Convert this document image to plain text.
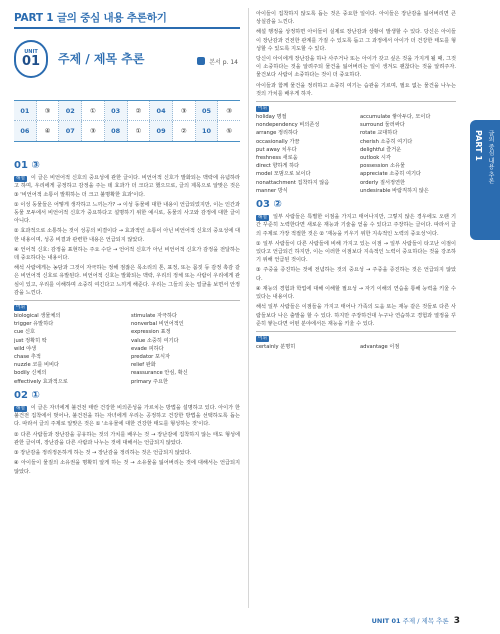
PART 1 글의 중심 내용 추론하기
UNIT
01	주제 / 제목 추론	본서 p. 14
01	③	02	①	03	②	04	③	05	③
06	④	07	③	08	①	09	②	10	⑤
01 ③
해설 이 글은 비언어적 신호의 중요성에 관한 글이다. 비언어적 신호가 발화되는 맥락에 유념하라고 하며, 우리에게 공정하고 감정을 주는 데 효과가 더 크다고 했으므로, 글의 제목으로 알맞은 것은 ③ '비언어적 소통이 발휘하는 더 크고 불명확한 효과'이다.
① 이성 동물들은 어떻게 생각하고 느끼는가? → 이성 동물에 대한 내용이 언급되었지만, 이는 인간과 동물 모두에서 비언어적 신호가 중요하다고 설명하기 위한 예시로, 동물의 사고와 감정에 대한 글이 아니다.
② 효과적으로 소통하는 것이 성공의 비결이다 → 효과적인 소통이 아닌 비언어적 신호의 중요성에 대한 내용이며, 성공 비결과 관련한 내용은 언급되지 않았다.
④ 언어적 신호: 감정을 표현하는 주요 수단 → 언어적 신호가 아닌 비언어적 신호가 감정을 전달하는 데 중요하다는 내용이다.
해석 사람에게는 농담과 그것이 자극하는 정해 점잖은 목소리의 톤, 표정, 또는 몸짓 등 감정 촉감 같은 비언어적 신호로 유발된다. 비언어적 신호는 발화되는 맥락, 우리의 정체 또는 사람이 우리에게 관심이 있고, 우리를 이해하며 소중히 여긴다고 느끼게 해준다. 우리는 그들의 웃는 얼굴을 보면서 안정감을 느낀다.
어휘
biological 생물체의	stimulate 자극하다
trigger 유발하다	nonverbal 비언어적인
cue 신호	expression 표정
just 정확히 딱	value 소중히 여기다
wild 야생	evade 피하다
chase 추적	predator 포식자
nuzzle 코를 비비다	relief 완화
bodily 신체의	reassurance 안심, 확신
effectively 효과적으로	primary 주요한
02 ①
해설 이 글은 자녀에게 불건전 태란 건강한 비의존성을 가르치는 방법을 설명하고 있다. 아이가 한 불건전 집착에서 벗어나, 불건전을 하는 자녀에게 우리는 공정하고 건강한 방법을 선택하도록 돕는다. 따라서 글의 주제로 알맞은 것은 ① '소유물에 대한 건강한 태도를 형성하는 것'이다.
② 다른 사람들과 장난감을 공유하는 것의 가치를 배우는 것 → 장난감에 집착하지 않는 태도 형성에 관한 글이며, 장난감을 다른 사람과 나누는 것에 대해서는 언급되지 않았다.
③ 장난감을 정리정돈하게 하는 것 → 장난감을 정리하는 것은 언급되지 않았다.
④ 아이들이 물질의 소유권을 명확히 알게 하는 것 → 소유물을 잃어버리는 것에 대해서는 언급되지 않았다.
아이들이 집착하지 않도록 돕는 것은 중요한 일이다. 아이들은 장난감을 잃어버리면 큰 상실감을 느낀다.
해설 행정을 상정하면 아이들이 실제로 장난감과 상황이 발생할 수 있다. 당신은 아이들이 장난감과 건전한 관계를 가질 수 있도록 돕고 그 과정에서 아이가 더 건강한 태도를 형성할 수 있도록 지도할 수 있다.
당신이 아이에게 장난감을 하나 사주거나 또는 아이가 갖고 싶은 것을 가지게 될 때, 그것이 소중하다는 것을 알려주되 물건을 잃어버리는 일이 생겨도 괜찮다는 것을 알려주자. 물건보다 사람이 소중하다는 것이 더 중요하다.
아이들과 함께 물건을 정리하고 소중히 여기는 습관을 기르며, 필요 없는 물건을 나누는 것의 가치를 배우게 하자.
어휘
holiday 명절	accumulate 쌓아두다, 모이다
nondependency 비의존성	surround 둘러싸다
arrange 정리하다	rotate 교대하다
occasionally 가끔	cherish 소중히 여기다
put away 치우다	delightful 즐거운
freshness 새로움	outlook 시각
direct 향하게 하다	possession 소유물
model 모범으로 보이다	appreciate 소중히 여기다
nonattachment 집착하지 않음	orderly 질서정연한
manner 방식	undesirable 바람직하지 않은
03 ②
해설 일부 사람들은 특별한 이점을 가지고 태어나지만, 그렇지 않은 경우에도 오랜 기간 꾸준히 노력한다면 새로운 재능과 기술을 얻을 수 있다고 주장하는 글이다. 따라서 글의 주제로 가장 적절한 것은 ② '재능을 키우기 위한 지속적인 노력의 중요성'이다.
① 일부 사람들이 다른 사람들에 비해 가지고 있는 이점 → 일부 사람들이 타고난 이점이 있다고 언급되긴 하지만, 이는 이러한 이점보다 지속적인 노력이 중요하다는 것을 강조하기 위해 언급된 것이다.
③ 주중을 증진하는 것에 전념하는 것의 중요성 → 주중을 증진하는 것은 언급되지 않았다.
④ 재능의 경험과 학업에 대해 이해할 필요성 → 자기 이해의 연습을 통해 능력을 키울 수 있다는 내용이다.
해석 일부 사람들은 이점들을 가지고 태어나 가족의 도움 또는 재능 같은 것들로 다른 사람들보다 나은 출발을 할 수 있다. 하지만 주장하건대 누구나 연습하고 경험과 열정을 꾸준히 쌓는다면 어떤 분야에서든 재능을 키울 수 있다.
어휘
certainly 분명히	advantage 이점
PART 1 글의 중심 내용 추론
UNIT 01 주제 / 제목 추론 3
